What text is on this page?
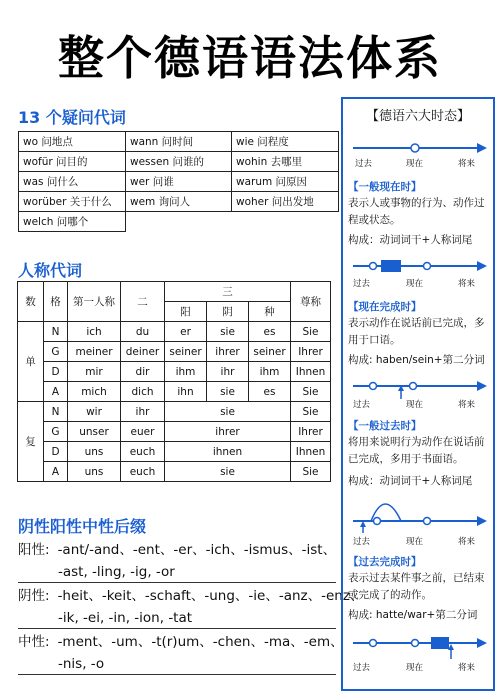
整个德语语法体系
13 个疑问代词
wo 问地点	wann 问时间	wie 问程度
wofür 问目的	wessen 问谁的	wohin 去哪里
was 问什么	wer 问谁	warum 问原因
worüber 关于什么	wem 询问人	woher 问出发地
welch 问哪个		
人称代词
数	格	第一人称	二	三			尊称
				阳	阴	种	
单	N	ich	du	er	sie	es	Sie
	G	meiner	deiner	seiner	ihrer	seiner	Ihrer
	D	mir	dir	ihm	ihr	ihm	Ihnen
	A	mich	dich	ihn	sie	es	Sie
复	N	wir	ihr	sie			Sie
	G	unser	euer	ihrer			Ihrer
	D	uns	euch	ihnen			Ihnen
	A	uns	euch	sie			Sie
阴性阳性中性后缀
阳性: -ant/-and、-ent、-er、-ich、-ismus、-ist、
-ast, -ling, -ig, -or
阴性: -heit、-keit、-schaft、-ung、-ie、-anz、-enz、
-ik, -ei, -in, -ion, -tat
中性: -ment、-um、-t(r)um、-chen、-ma、-em、
-nis, -o
【德语六大时态】
过去	现在	将来
【一般现在时】
表示人或事物的行为、动作过程或状态。
构成：动词词干+人称词尾
过去	现在	将来
【现在完成时】
表示动作在说话前已完成，多用于口语。
构成: haben/sein+第二分词
过去	现在	将来
【一般过去时】
将用来说明行为动作在说话前已完成，多用于书面语。
构成：动词词干+人称词尾
过去	现在	将来
【过去完成时】
表示过去某件事之前，已结束或完成了的动作。
构成: hatte/war+第二分词
过去	现在	将来
